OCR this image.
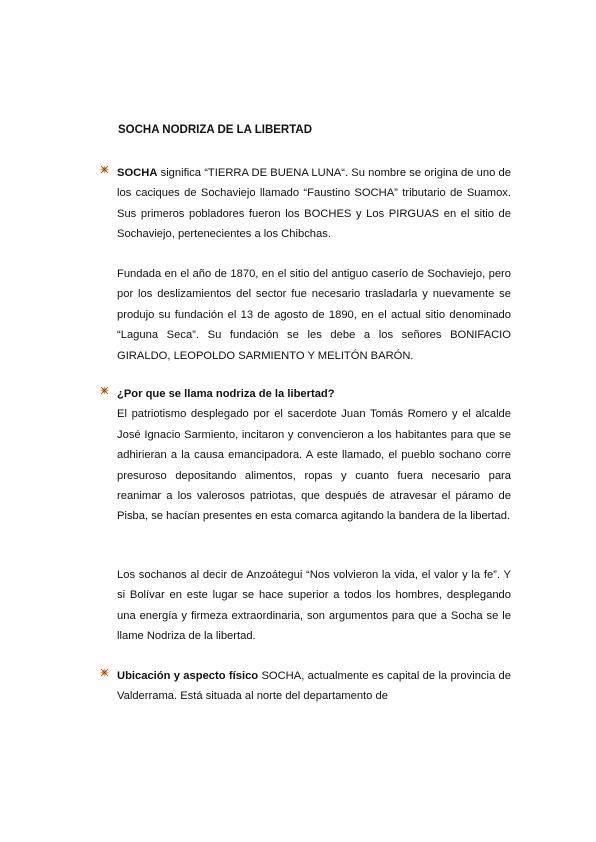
SOCHA NODRIZA DE LA LIBERTAD

SOCHA significa “TIERRA DE BUENA LUNA“. Su nombre se origina de uno de los caciques de Sochaviejo llamado “Faustino SOCHA” tributario de Suamox. Sus primeros pobladores fueron los BOCHES y Los PIRGUAS en el sitio de Sochaviejo, pertenecientes a los Chibchas.

Fundada en el año de 1870, en el sitio del antiguo caserío de Sochaviejo, pero por los deslizamientos del sector fue necesario trasladarla y nuevamente se produjo su fundación el 13 de agosto de 1890, en el actual sitio denominado “Laguna Seca”. Su fundación se les debe a los señores BONIFACIO GIRALDO, LEOPOLDO SARMIENTO Y MELITÓN BARÓN.

¿Por que se llama nodriza de la libertad?

El patriotismo desplegado por el sacerdote Juan Tomás Romero y el alcalde José Ignacio Sarmiento, incitaron y convencieron a los habitantes para que se adhirieran a la causa emancipadora. A este llamado, el pueblo sochano corre presuroso depositando alimentos, ropas y cuanto fuera necesario para reanimar a los valerosos patriotas, que después de atravesar el páramo de Pisba, se hacían presentes en esta comarca agitando la bandera de la libertad.

Los sochanos al decir de Anzoátegui “Nos volvieron la vida, el valor y la fe”. Y si Bolívar en este lugar se hace superior a todos los hombres, desplegando una energía y firmeza extraordinaria, son argumentos para que a Socha se le llame Nodriza de la libertad.

Ubicación y aspecto físico SOCHA, actualmente es capital de la provincia de Valderrama. Está situada al norte del departamento de
